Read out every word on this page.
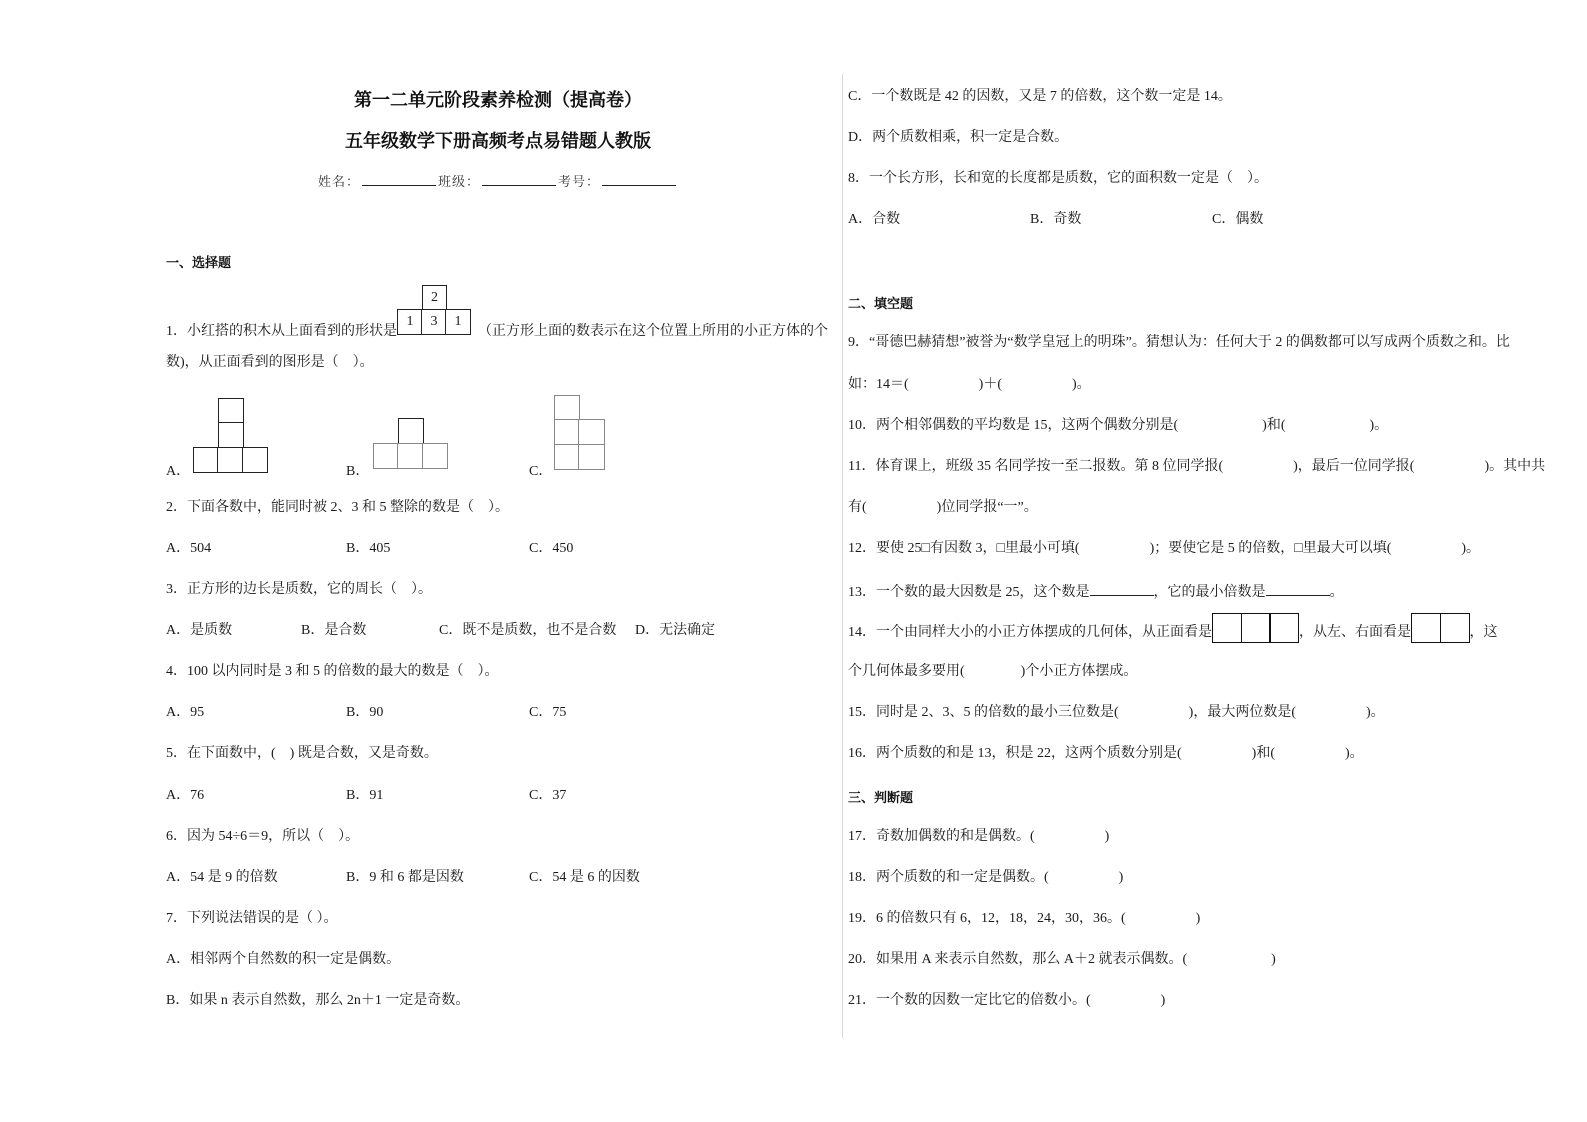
第一二单元阶段素养检测（提高卷）
五年级数学下册高频考点易错题人教版
姓名：	班级：	考号：
一、选择题
1．小红搭的积木从上面看到的形状是
2
1	3	1
（正方形上面的数表示在这个位置上所用的小正方体的个
数)，从正面看到的图形是（　）。
A．	B．	C．
2．下面各数中，能同时被 2、3 和 5 整除的数是（　）。
A．504	B．405	C．450
3．正方形的边长是质数，它的周长（　）。
A．是质数	B．是合数	C．既不是质数，也不是合数 D．无法确定
4．100 以内同时是 3 和 5 的倍数的最大的数是（　）。
A．95	B．90	C．75
5．在下面数中，(　) 既是合数，又是奇数。
A．76	B．91	C．37
6．因为 54÷6＝9，所以（　）。
A．54 是 9 的倍数	B．9 和 6 都是因数	C．54 是 6 的因数
7．下列说法错误的是（ ）。
A．相邻两个自然数的积一定是偶数。
B．如果 n 表示自然数，那么 2n＋1 一定是奇数。
C．一个数既是 42 的因数，又是 7 的倍数，这个数一定是 14。
D．两个质数相乘，积一定是合数。
8．一个长方形，长和宽的长度都是质数，它的面积数一定是（　）。
A．合数	B．奇数	C．偶数
二、填空题
9．“哥德巴赫猜想”被誉为“数学皇冠上的明珠”。猜想认为：任何大于 2 的偶数都可以写成两个质数之和。比
如：14＝(　　　　　)＋(　　　　　)。
10．两个相邻偶数的平均数是 15，这两个偶数分别是(　　　　　　)和(　　　　　　)。
11．体育课上，班级 35 名同学按一至二报数。第 8 位同学报(　　　　　)，最后一位同学报(　　　　　)。其中共
有(　　　　　)位同学报“一”。
12．要使 25□有因数 3，□里最小可填(　　　　　)；要使它是 5 的倍数，□里最大可以填(　　　　　)。
13．一个数的最大因数是 25，这个数是	，它的最小倍数是	。
14．一个由同样大小的小正方体摆成的几何体，从正面看是	，从左、右面看是	，这
个几何体最多要用(　　　　)个小正方体摆成。
15．同时是 2、3、5 的倍数的最小三位数是(　　　　　)，最大两位数是(　　　　　)。
16．两个质数的和是 13，积是 22，这两个质数分别是(　　　　　)和(　　　　　)。
三、判断题
17．奇数加偶数的和是偶数。(　　　　　)
18．两个质数的和一定是偶数。(　　　　　)
19．6 的倍数只有 6，12，18，24，30，36。(　　　　　)
20．如果用 A 来表示自然数，那么 A＋2 就表示偶数。(　　　　　　)
21．一个数的因数一定比它的倍数小。(　　　　　)
